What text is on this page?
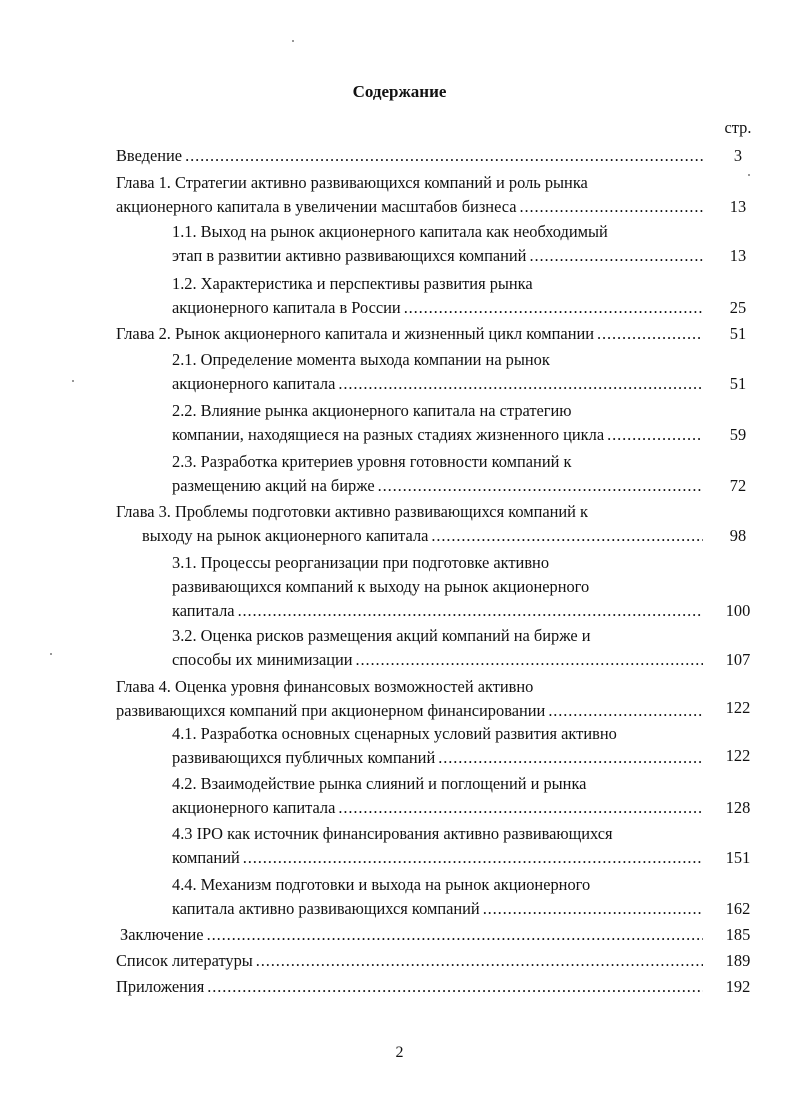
Содержание
стр.
Введение . . .	3
Глава 1. Стратегии активно развивающихся компаний и роль рынка
акционерного капитала в увеличении масштабов бизнеса . . .	13
1.1. Выход на рынок акционерного капитала как необходимый
этап в развитии активно развивающихся компаний . . .	13
1.2. Характеристика и перспективы развития рынка
акционерного капитала в России . . .	25
Глава 2. Рынок акционерного капитала и жизненный цикл компании . . .	51
2.1. Определение момента выхода компании на рынок
акционерного капитала . . .	51
2.2. Влияние рынка акционерного капитала на стратегию
компании, находящиеся на разных стадиях жизненного цикла . . .	59
2.3. Разработка критериев уровня готовности компаний к
размещению акций на бирже . . .	72
Глава 3. Проблемы подготовки активно развивающихся компаний к
выходу на рынок акционерного капитала . . .	98
3.1. Процессы реорганизации при подготовке активно
развивающихся компаний к выходу на рынок акционерного
капитала . . .	100
3.2. Оценка рисков размещения акций компаний на бирже и
способы их минимизации . . .	107
Глава 4. Оценка уровня финансовых возможностей активно
развивающихся компаний при акционерном финансировании . . .	122
4.1. Разработка основных сценарных условий развития активно
развивающихся публичных компаний . . .	122
4.2. Взаимодействие рынка слияний и поглощений и рынка
акционерного капитала . . .	128
4.3 IPO как источник финансирования активно развивающихся
компаний . . .	151
4.4. Механизм подготовки и выхода на рынок акционерного
капитала активно развивающихся компаний . . .	162
Заключение . . .	185
Список литературы . . .	189
Приложения . . .	192
2
